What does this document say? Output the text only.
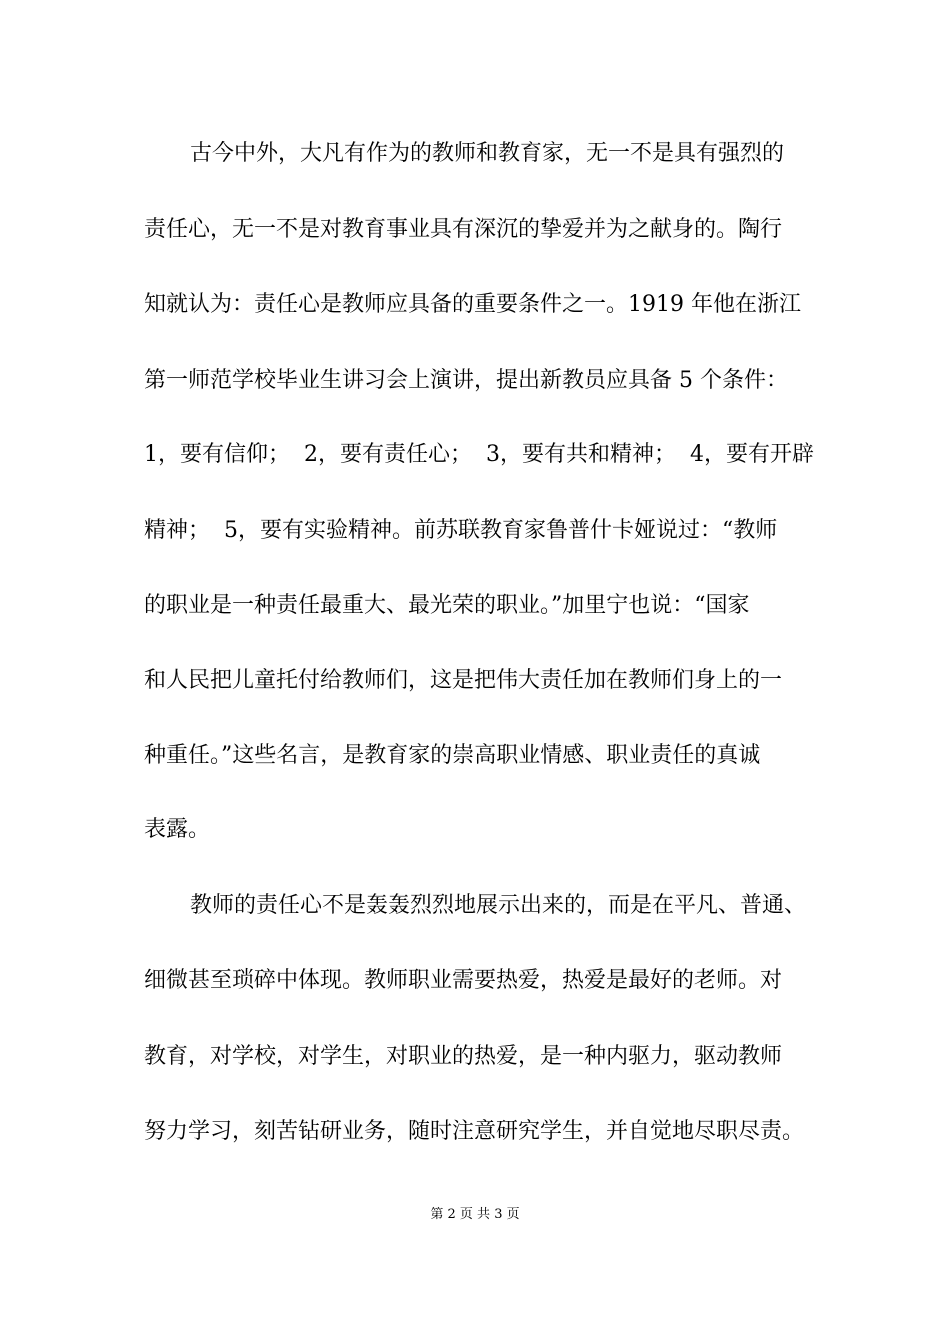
古今中外，大凡有作为的教师和教育家，无一不是具有强烈的
责任心，无一不是对教育事业具有深沉的挚爱并为之献身的。陶行
知就认为：责任心是教师应具备的重要条件之一。1919 年他在浙江
第一师范学校毕业生讲习会上演讲，提出新教员应具备 5 个条件：
1，要有信仰；  2，要有责任心；  3，要有共和精神；  4，要有开辟
精神；  5，要有实验精神。前苏联教育家鲁普什卡娅说过：“教师
的职业是一种责任最重大、最光荣的职业。”加里宁也说：“国家
和人民把儿童托付给教师们，这是把伟大责任加在教师们身上的一
种重任。”这些名言，是教育家的崇高职业情感、职业责任的真诚
表露。
教师的责任心不是轰轰烈烈地展示出来的，而是在平凡、普通、
细微甚至琐碎中体现。教师职业需要热爱，热爱是最好的老师。对
教育，对学校，对学生，对职业的热爱，是一种内驱力，驱动教师
努力学习，刻苦钻研业务，随时注意研究学生，并自觉地尽职尽责。
第 2 页 共 3 页
